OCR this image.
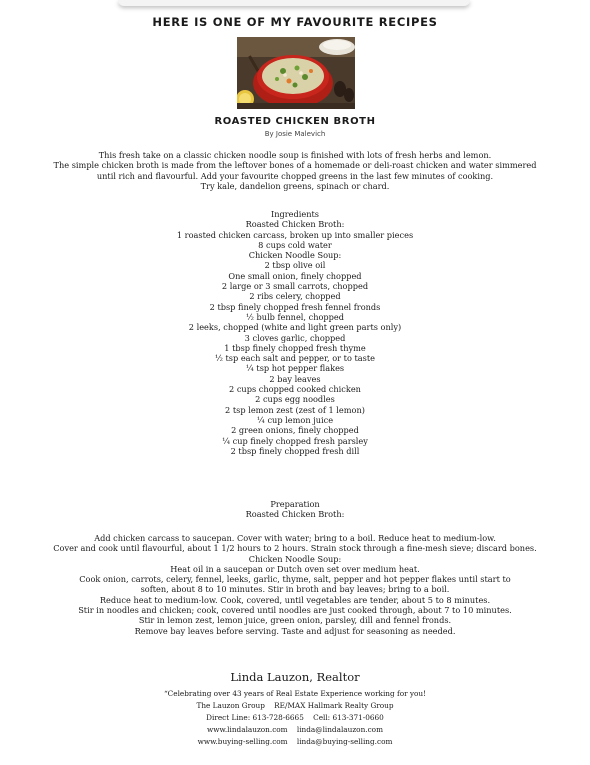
HERE IS ONE OF MY FAVOURITE RECIPES
ROASTED CHICKEN BROTH
By Josie Malevich
This fresh take on a classic chicken noodle soup is finished with lots of fresh herbs and lemon.
The simple chicken broth is made from the leftover bones of a homemade or deli-roast chicken and water simmered
until rich and flavourful. Add your favourite chopped greens in the last few minutes of cooking.
Try kale, dandelion greens, spinach or chard.
Ingredients
Roasted Chicken Broth:
1 roasted chicken carcass, broken up into smaller pieces
8 cups cold water
Chicken Noodle Soup:
2 tbsp olive oil
One small onion, finely chopped
2 large or 3 small carrots, chopped
2 ribs celery, chopped
2 tbsp finely chopped fresh fennel fronds
½ bulb fennel, chopped
2 leeks, chopped (white and light green parts only)
3 cloves garlic, chopped
1 tbsp finely chopped fresh thyme
½ tsp each salt and pepper, or to taste
¼ tsp hot pepper flakes
2 bay leaves
2 cups chopped cooked chicken
2 cups egg noodles
2 tsp lemon zest (zest of 1 lemon)
¼ cup lemon juice
2 green onions, finely chopped
¼ cup finely chopped fresh parsley
2 tbsp finely chopped fresh dill
Preparation
Roasted Chicken Broth:
Add chicken carcass to saucepan. Cover with water; bring to a boil. Reduce heat to medium-low.
Cover and cook until flavourful, about 1 1/2 hours to 2 hours. Strain stock through a fine-mesh sieve; discard bones.
Chicken Noodle Soup:
Heat oil in a saucepan or Dutch oven set over medium heat.
Cook onion, carrots, celery, fennel, leeks, garlic, thyme, salt, pepper and hot pepper flakes until start to
soften, about 8 to 10 minutes. Stir in broth and bay leaves; bring to a boil.
Reduce heat to medium-low. Cook, covered, until vegetables are tender, about 5 to 8 minutes.
Stir in noodles and chicken; cook, covered until noodles are just cooked through, about 7 to 10 minutes.
Stir in lemon zest, lemon juice, green onion, parsley, dill and fennel fronds.
Remove bay leaves before serving. Taste and adjust for seasoning as needed.
Linda Lauzon, Realtor
“Celebrating over 43 years of Real Estate Experience working for you!
The Lauzon Group    RE/MAX Hallmark Realty Group
Direct Line: 613-728-6665    Cell: 613-371-0660
www.lindalauzon.com    linda@lindalauzon.com
www.buying-selling.com    linda@buying-selling.com
